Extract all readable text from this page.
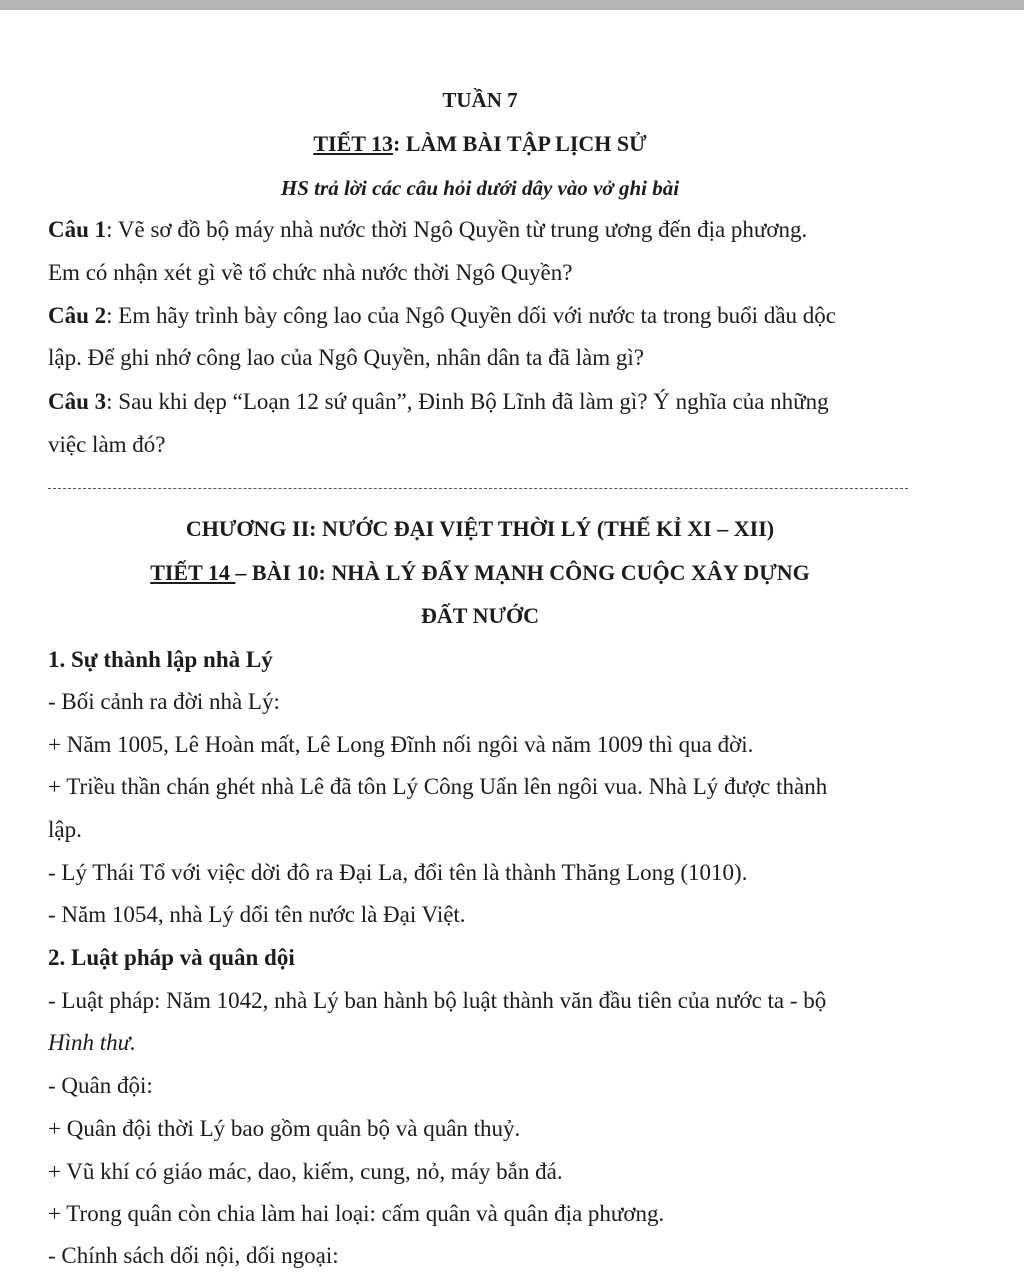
TUẦN 7
TIẾT 13: LÀM BÀI TẬP LỊCH SỬ
HS trả lời các câu hỏi dưới dây vào vở ghi bài
Câu 1: Vẽ sơ đồ bộ máy nhà nước thời Ngô Quyền từ trung ương đến địa phương.
Em có nhận xét gì về tổ chức nhà nước thời Ngô Quyền?
Câu 2: Em hãy trình bày công lao của Ngô Quyền dối với nước ta trong buổi dầu dộc
lập. Để ghi nhớ công lao của Ngô Quyền, nhân dân ta đã làm gì?
Câu 3: Sau khi dẹp “Loạn 12 sứ quân”, Đinh Bộ Lĩnh đã làm gì? Ý nghĩa của những
việc làm đó?
CHƯƠNG II: NƯỚC ĐẠI VIỆT THỜI LÝ (THẾ KỈ XI – XII)
TIẾT 14 – BÀI 10: NHÀ LÝ ĐẨY MẠNH CÔNG CUỘC XÂY DỰNG
ĐẤT NƯỚC
1. Sự thành lập nhà Lý
- Bối cảnh ra đời nhà Lý:
+ Năm 1005, Lê Hoàn mất, Lê Long Đĩnh nối ngôi và năm 1009 thì qua đời.
+ Triều thần chán ghét nhà Lê đã tôn Lý Công Uẩn lên ngôi vua. Nhà Lý được thành
lập.
- Lý Thái Tổ với việc dời đô ra Đại La, đổi tên là thành Thăng Long (1010).
- Năm 1054, nhà Lý dổi tên nước là Đại Việt.
2. Luật pháp và quân dội
- Luật pháp: Năm 1042, nhà Lý ban hành bộ luật thành văn đầu tiên của nước ta - bộ
Hình thư.
- Quân đội:
+ Quân đội thời Lý bao gồm quân bộ và quân thuỷ.
+ Vũ khí có giáo mác, dao, kiếm, cung, nỏ, máy bắn đá.
+ Trong quân còn chia làm hai loại: cấm quân và quân địa phương.
- Chính sách dối nội, dối ngoại:
